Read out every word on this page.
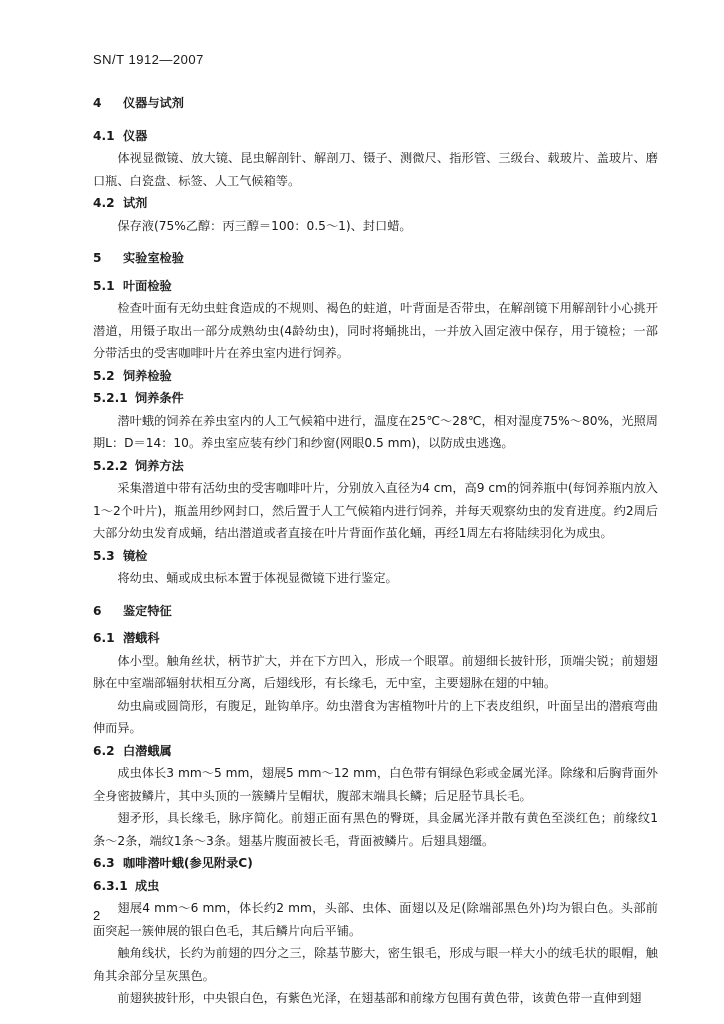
SN/T 1912—2007
4 仪器与试剂
4.1 仪器

体视显微镜、放大镜、昆虫解剖针、解剖刀、镊子、测微尺、指形管、三级台、载玻片、盖玻片、磨口瓶、白瓷盘、标签、人工气候箱等。

4.2 试剂

保存液(75%乙醇：丙三醇＝100：0.5～1)、封口蜡。

5 实验室检验
5.1 叶面检验

检查叶面有无幼虫蛀食造成的不规则、褐色的蛀道，叶背面是否带虫，在解剖镜下用解剖针小心挑开潜道，用镊子取出一部分成熟幼虫(4龄幼虫)，同时将蛹挑出，一并放入固定液中保存，用于镜检；一部分带活虫的受害咖啡叶片在养虫室内进行饲养。

5.2 饲养检验
5.2.1 饲养条件

潜叶蛾的饲养在养虫室内的人工气候箱中进行，温度在25℃～28℃，相对湿度75%～80%，光照周期L：D＝14：10。养虫室应装有纱门和纱窗(网眼0.5 mm)，以防成虫逃逸。

5.2.2 饲养方法

采集潜道中带有活幼虫的受害咖啡叶片，分别放入直径为4 cm，高9 cm的饲养瓶中(每饲养瓶内放入1～2个叶片)，瓶盖用纱网封口，然后置于人工气候箱内进行饲养，并每天观察幼虫的发育进度。约2周后大部分幼虫发育成蛹，结出潜道或者直接在叶片背面作茧化蛹，再经1周左右将陆续羽化为成虫。

5.3 镜检

将幼虫、蛹或成虫标本置于体视显微镜下进行鉴定。

6 鉴定特征
6.1 潜蛾科

体小型。触角丝状，柄节扩大，并在下方凹入，形成一个眼罩。前翅细长披针形，顶端尖锐；前翅翅脉在中室端部辐射状相互分离，后翅线形，有长缘毛，无中室，主要翅脉在翅的中轴。

幼虫扁或圆筒形，有腹足，趾钩单序。幼虫潜食为害植物叶片的上下表皮组织，叶面呈出的潜痕弯曲伸而异。

6.2 白潜蛾属

成虫体长3 mm～5 mm，翅展5 mm～12 mm，白色带有铜绿色彩或金属光泽。除缘和后胸背面外全身密披鳞片，其中头顶的一簇鳞片呈帽状，腹部末端具长鳞；后足胫节具长毛。

翅矛形，具长缘毛，脉序简化。前翅正面有黑色的臀斑，具金属光泽并散有黄色至淡红色；前缘纹1条～2条，端纹1条～3条。翅基片腹面被长毛，背面被鳞片。后翅具翅缰。

6.3 咖啡潜叶蛾(参见附录C)
6.3.1 成虫

翅展4 mm～6 mm，体长约2 mm，头部、虫体、面翅以及足(除端部黑色外)均为银白色。头部前面突起一簇伸展的银白色毛，其后鳞片向后平铺。

触角线状，长约为前翅的四分之三，除基节膨大，密生银毛，形成与眼一样大小的绒毛状的眼帽，触角其余部分呈灰黑色。

前翅狭披针形，中央银白色，有紫色光泽，在翅基部和前缘方包围有黄色带，该黄色带一直伸到翅

2
